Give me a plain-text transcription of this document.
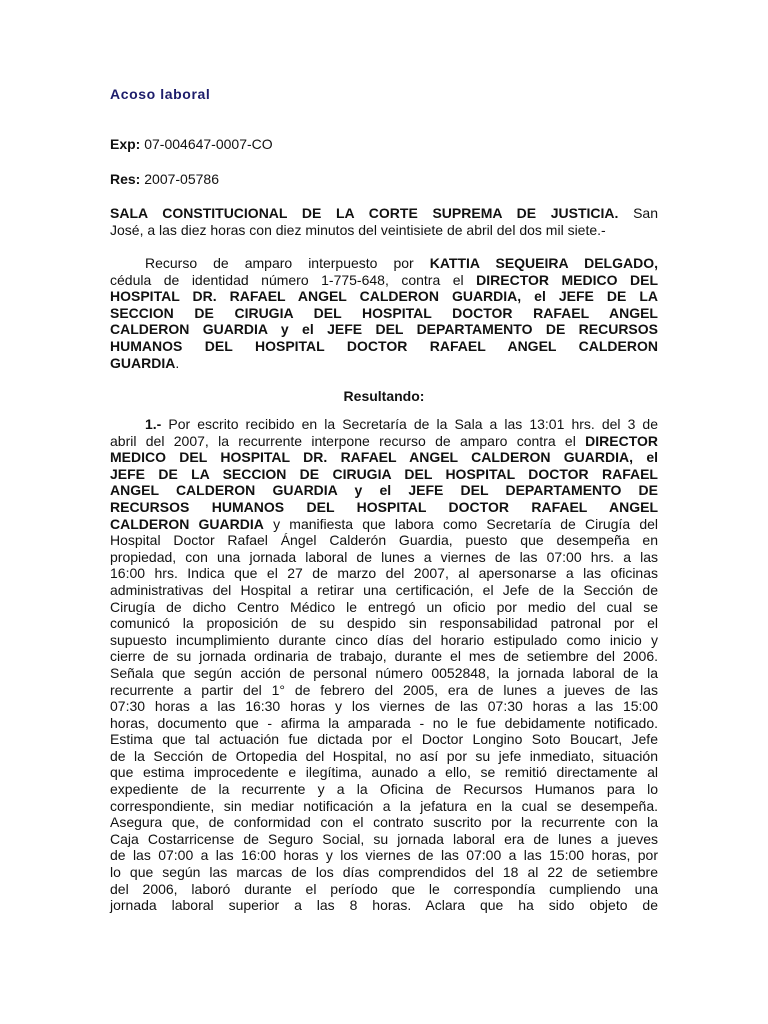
Acoso laboral
Exp: 07-004647-0007-CO
Res: 2007-05786
SALA CONSTITUCIONAL DE LA CORTE SUPREMA DE JUSTICIA. San
José, a las diez horas con diez minutos del veintisiete de abril del dos mil siete.-
Recurso de amparo interpuesto por KATTIA SEQUEIRA DELGADO,
cédula de identidad número 1-775-648, contra el DIRECTOR MEDICO DEL
HOSPITAL DR. RAFAEL ANGEL CALDERON GUARDIA, el JEFE DE LA
SECCION DE CIRUGIA DEL HOSPITAL DOCTOR RAFAEL ANGEL
CALDERON GUARDIA y el JEFE DEL DEPARTAMENTO DE RECURSOS
HUMANOS DEL HOSPITAL DOCTOR RAFAEL ANGEL CALDERON
GUARDIA.
Resultando:
1.- Por escrito recibido en la Secretaría de la Sala a las 13:01 hrs. del 3 de
abril del 2007, la recurrente interpone recurso de amparo contra el DIRECTOR
MEDICO DEL HOSPITAL DR. RAFAEL ANGEL CALDERON GUARDIA, el
JEFE DE LA SECCION DE CIRUGIA DEL HOSPITAL DOCTOR RAFAEL
ANGEL CALDERON GUARDIA y el JEFE DEL DEPARTAMENTO DE
RECURSOS HUMANOS DEL HOSPITAL DOCTOR RAFAEL ANGEL
CALDERON GUARDIA y manifiesta que labora como Secretaría de Cirugía del
Hospital Doctor Rafael Ángel Calderón Guardia, puesto que desempeña en
propiedad, con una jornada laboral de lunes a viernes de las 07:00 hrs. a las
16:00 hrs. Indica que el 27 de marzo del 2007, al apersonarse a las oficinas
administrativas del Hospital a retirar una certificación, el Jefe de la Sección de
Cirugía de dicho Centro Médico le entregó un oficio por medio del cual se
comunicó la proposición de su despido sin responsabilidad patronal por el
supuesto incumplimiento durante cinco días del horario estipulado como inicio y
cierre de su jornada ordinaria de trabajo, durante el mes de setiembre del 2006.
Señala que según acción de personal número 0052848, la jornada laboral de la
recurrente a partir del 1° de febrero del 2005, era de lunes a jueves de las
07:30 horas a las 16:30 horas y los viernes de las 07:30 horas a las 15:00
horas, documento que - afirma la amparada - no le fue debidamente notificado.
Estima que tal actuación fue dictada por el Doctor Longino Soto Boucart, Jefe
de la Sección de Ortopedia del Hospital, no así por su jefe inmediato, situación
que estima improcedente e ilegítima, aunado a ello, se remitió directamente al
expediente de la recurrente y a la Oficina de Recursos Humanos para lo
correspondiente, sin mediar notificación a la jefatura en la cual se desempeña.
Asegura que, de conformidad con el contrato suscrito por la recurrente con la
Caja Costarricense de Seguro Social, su jornada laboral era de lunes a jueves
de las 07:00 a las 16:00 horas y los viernes de las 07:00 a las 15:00 horas, por
lo que según las marcas de los días comprendidos del 18 al 22 de setiembre
del 2006, laboró durante el período que le correspondía cumpliendo una
jornada laboral superior a las 8 horas. Aclara que ha sido objeto de
